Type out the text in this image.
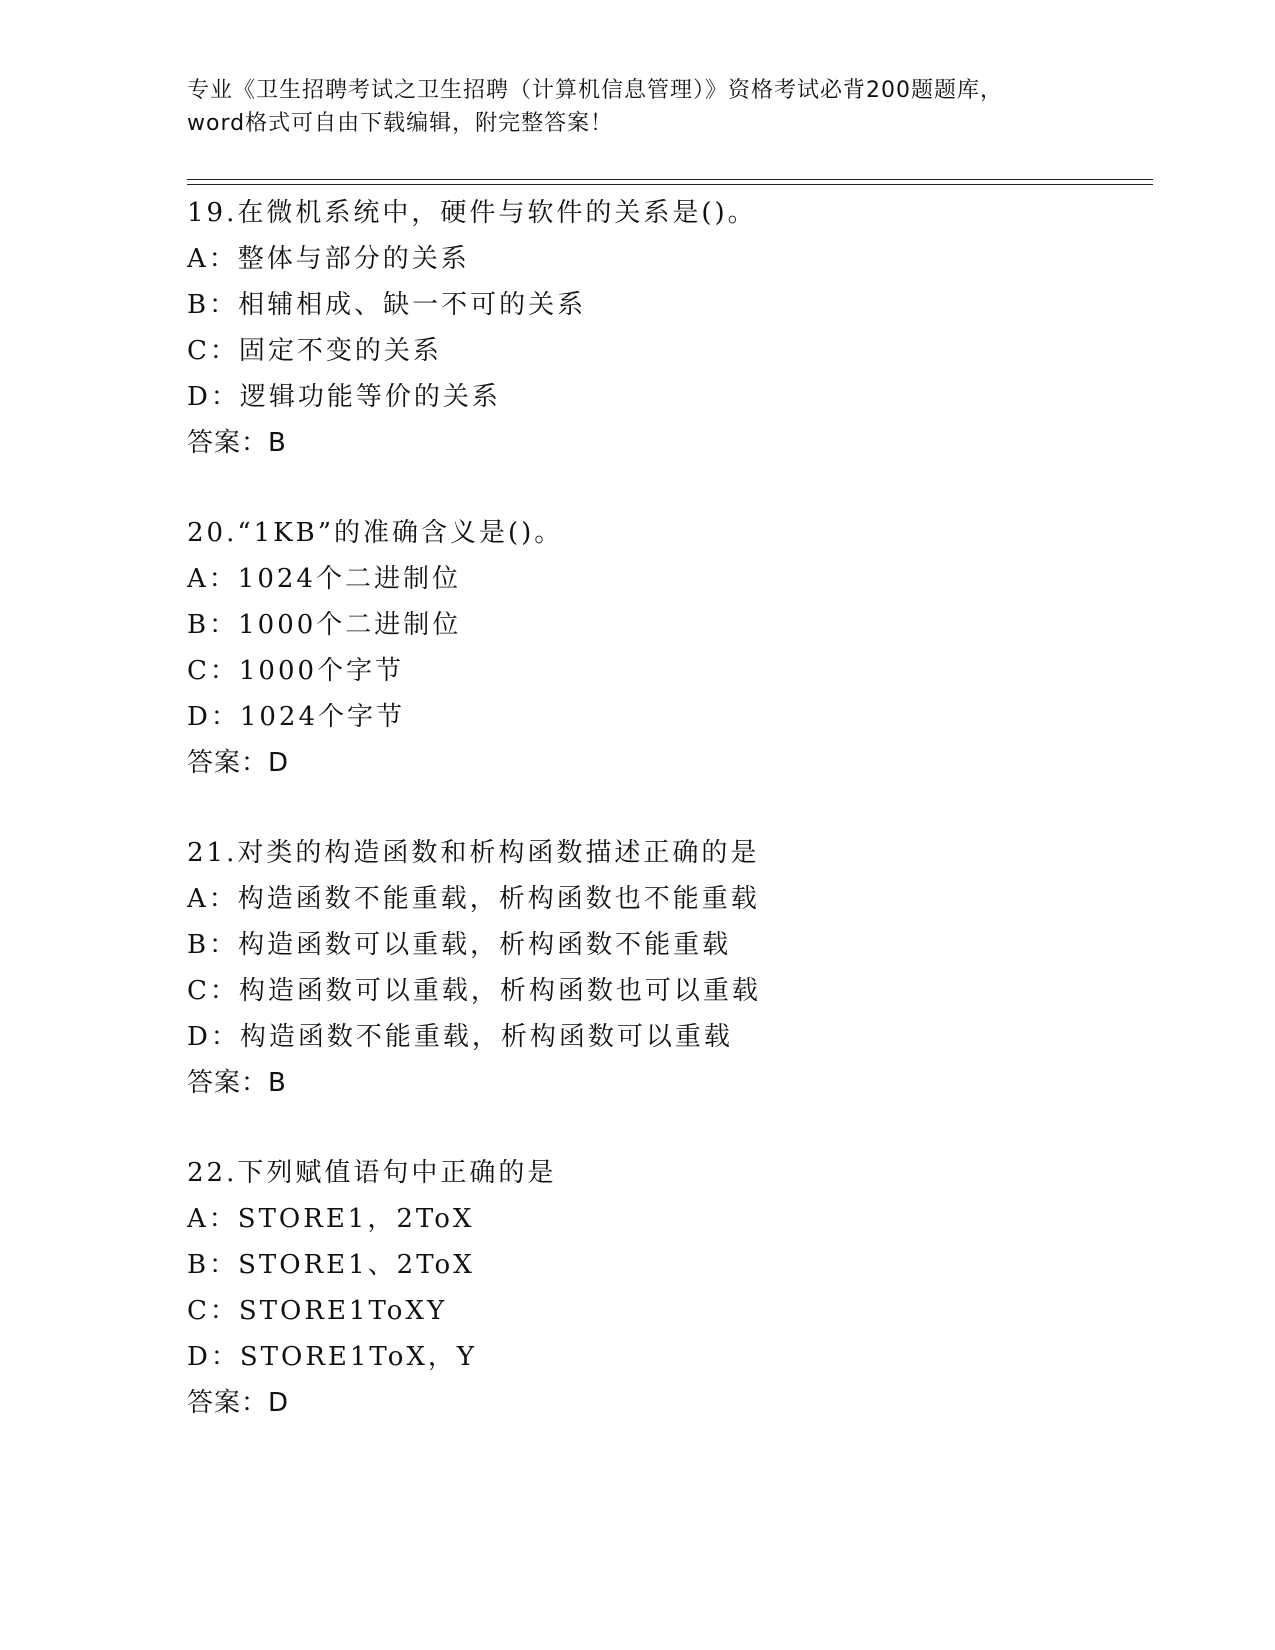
专业《卫生招聘考试之卫生招聘（计算机信息管理）》资格考试必背200题题库，
word格式可自由下载编辑，附完整答案！
19.在微机系统中，硬件与软件的关系是()。
A：整体与部分的关系
B：相辅相成、缺一不可的关系
C：固定不变的关系
D：逻辑功能等价的关系
答案：B
20.“1KB”的准确含义是()。
A：1024个二进制位
B：1000个二进制位
C：1000个字节
D：1024个字节
答案：D
21.对类的构造函数和析构函数描述正确的是
A：构造函数不能重载，析构函数也不能重载
B：构造函数可以重载，析构函数不能重载
C：构造函数可以重载，析构函数也可以重载
D：构造函数不能重载，析构函数可以重载
答案：B
22.下列赋值语句中正确的是
A：STORE1，2ToX
B：STORE1、2ToX
C：STORE1ToXY
D：STORE1ToX，Y
答案：D
